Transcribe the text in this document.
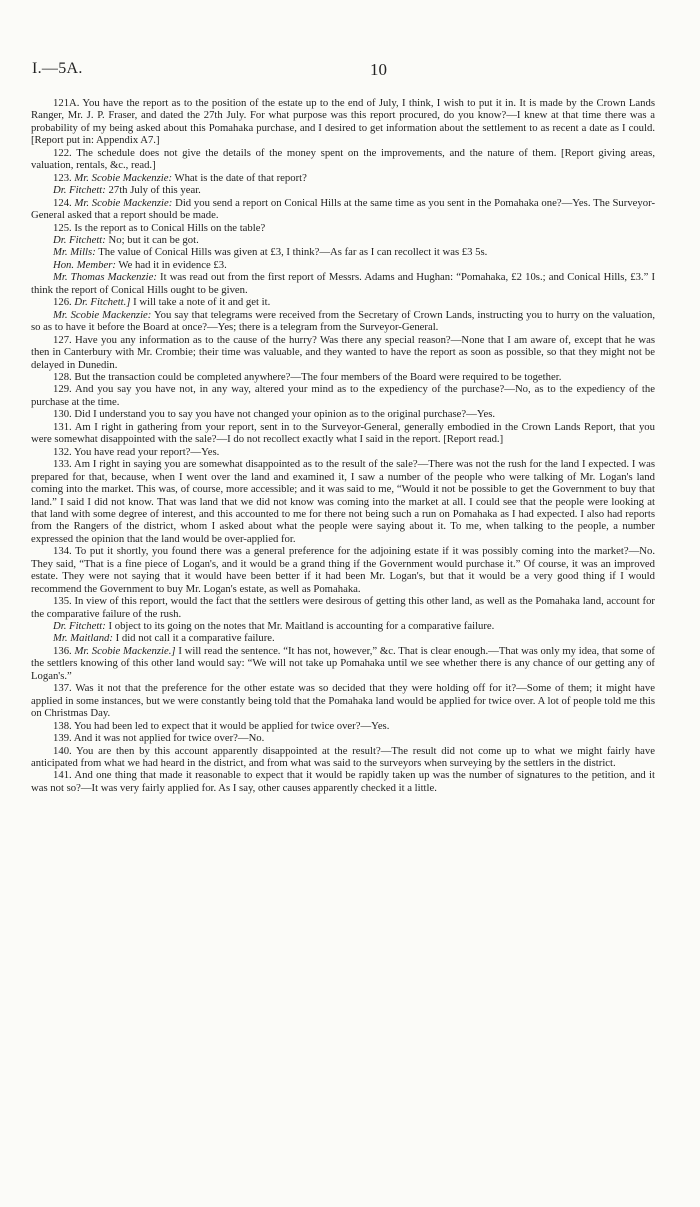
I.—5A.	10

121A. You have the report as to the position of the estate up to the end of July, I think, I wish to put it in. It is made by the Crown Lands Ranger, Mr. J. P. Fraser, and dated the 27th July. For what purpose was this report procured, do you know?—I knew at that time there was a probability of my being asked about this Pomahaka purchase, and I desired to get information about the settlement to as recent a date as I could. [Report put in: Appendix A7.]

122. The schedule does not give the details of the money spent on the improvements, and the nature of them. [Report giving areas, valuation, rentals, &c., read.]

123. Mr. Scobie Mackenzie: What is the date of that report?

Dr. Fitchett: 27th July of this year.

124. Mr. Scobie Mackenzie: Did you send a report on Conical Hills at the same time as you sent in the Pomahaka one?—Yes. The Surveyor-General asked that a report should be made.

125. Is the report as to Conical Hills on the table?

Dr. Fitchett: No; but it can be got.

Mr. Mills: The value of Conical Hills was given at £3, I think?—As far as I can recollect it was £3 5s.

Hon. Member: We had it in evidence £3.

Mr. Thomas Mackenzie: It was read out from the first report of Messrs. Adams and Hughan: “Pomahaka, £2 10s.; and Conical Hills, £3.” I think the report of Conical Hills ought to be given.

126. Dr. Fitchett.] I will take a note of it and get it.

Mr. Scobie Mackenzie: You say that telegrams were received from the Secretary of Crown Lands, instructing you to hurry on the valuation, so as to have it before the Board at once?—Yes; there is a telegram from the Surveyor-General.

127. Have you any information as to the cause of the hurry? Was there any special reason?—None that I am aware of, except that he was then in Canterbury with Mr. Crombie; their time was valuable, and they wanted to have the report as soon as possible, so that they might not be delayed in Dunedin.

128. But the transaction could be completed anywhere?—The four members of the Board were required to be together.

129. And you say you have not, in any way, altered your mind as to the expediency of the purchase?—No, as to the expediency of the purchase at the time.

130. Did I understand you to say you have not changed your opinion as to the original purchase?—Yes.

131. Am I right in gathering from your report, sent in to the Surveyor-General, generally embodied in the Crown Lands Report, that you were somewhat disappointed with the sale?—I do not recollect exactly what I said in the report. [Report read.]

132. You have read your report?—Yes.

133. Am I right in saying you are somewhat disappointed as to the result of the sale?—There was not the rush for the land I expected. I was prepared for that, because, when I went over the land and examined it, I saw a number of the people who were talking of Mr. Logan's land coming into the market. This was, of course, more accessible; and it was said to me, “Would it not be possible to get the Government to buy that land.” I said I did not know. That was land that we did not know was coming into the market at all. I could see that the people were looking at that land with some degree of interest, and this accounted to me for there not being such a run on Pomahaka as I had expected. I also had reports from the Rangers of the district, whom I asked about what the people were saying about it. To me, when talking to the people, a number expressed the opinion that the land would be over-applied for.

134. To put it shortly, you found there was a general preference for the adjoining estate if it was possibly coming into the market?—No. They said, “That is a fine piece of Logan's, and it would be a grand thing if the Government would purchase it.” Of course, it was an improved estate. They were not saying that it would have been better if it had been Mr. Logan's, but that it would be a very good thing if I would recommend the Government to buy Mr. Logan's estate, as well as Pomahaka.

135. In view of this report, would the fact that the settlers were desirous of getting this other land, as well as the Pomahaka land, account for the comparative failure of the rush.

Dr. Fitchett: I object to its going on the notes that Mr. Maitland is accounting for a comparative failure.

Mr. Maitland: I did not call it a comparative failure.

136. Mr. Scobie Mackenzie.] I will read the sentence. “It has not, however,” &c. That is clear enough.—That was only my idea, that some of the settlers knowing of this other land would say: “We will not take up Pomahaka until we see whether there is any chance of our getting any of Logan's.”

137. Was it not that the preference for the other estate was so decided that they were holding off for it?—Some of them; it might have applied in some instances, but we were constantly being told that the Pomahaka land would be applied for twice over. A lot of people told me this on Christmas Day.

138. You had been led to expect that it would be applied for twice over?—Yes.

139. And it was not applied for twice over?—No.

140. You are then by this account apparently disappointed at the result?—The result did not come up to what we might fairly have anticipated from what we had heard in the district, and from what was said to the surveyors when surveying by the settlers in the district.

141. And one thing that made it reasonable to expect that it would be rapidly taken up was the number of signatures to the petition, and it was not so?—It was very fairly applied for. As I say, other causes apparently checked it a little.
